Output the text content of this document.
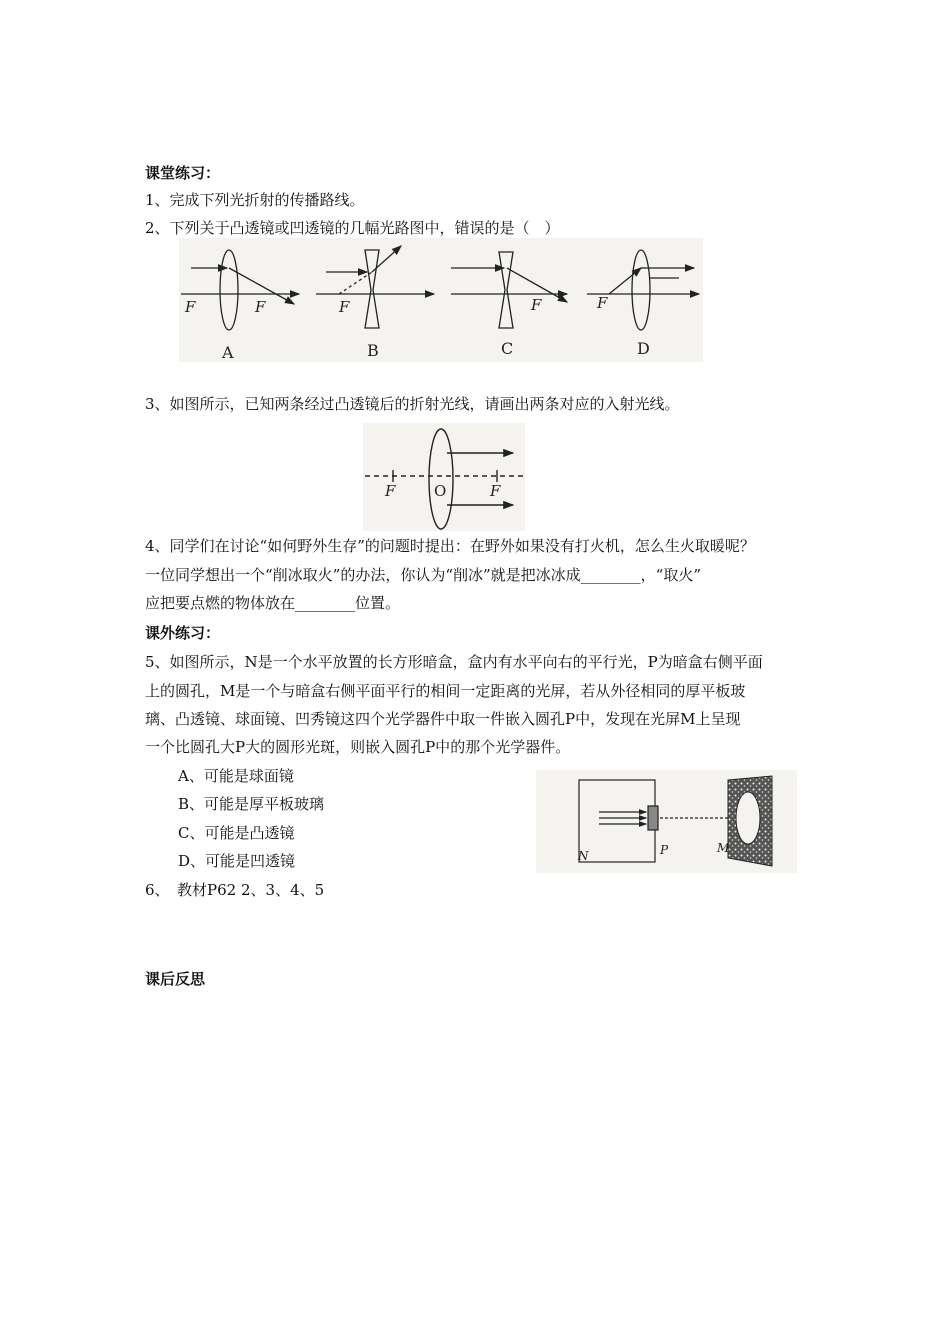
课堂练习：
1、完成下列光折射的传播路线。
2、下列关于凸透镜或凹透镜的几幅光路图中，错误的是（　）
F	F	F	F	F
A	B	C	D
3、如图所示，已知两条经过凸透镜后的折射光线，请画出两条对应的入射光线。
F	O	F
4、同学们在讨论“如何野外生存”的问题时提出：在野外如果没有打火机，怎么生火取暖呢？
一位同学想出一个“削冰取火”的办法，你认为“削冰”就是把冰冰成________，“取火”
应把要点燃的物体放在________位置。
课外练习：
5、如图所示，N是一个水平放置的长方形暗盒，盒内有水平向右的平行光，P为暗盒右侧平面
上的圆孔，M是一个与暗盒右侧平面平行的相间一定距离的光屏，若从外径相同的厚平板玻
璃、凸透镜、球面镜、凹秀镜这四个光学器件中取一件嵌入圆孔P中，发现在光屏M上呈现
一个比圆孔大P大的圆形光斑，则嵌入圆孔P中的那个光学器件。
A、可能是球面镜
B、可能是厚平板玻璃
C、可能是凸透镜
D、可能是凹透镜	N	P	M
6、　教材P62 2、3、4、5
课后反思
